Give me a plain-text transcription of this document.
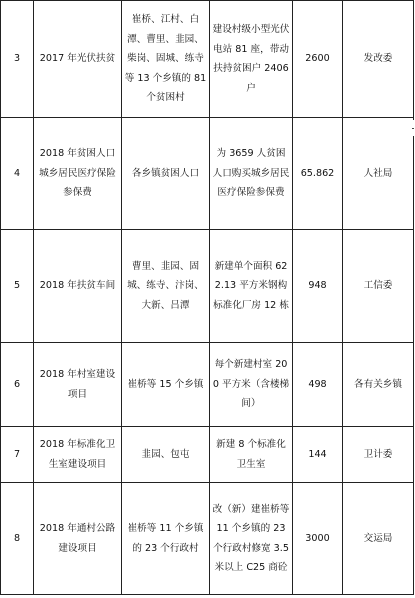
3	2017 年光伏扶贫	崔桥、江村、白潭、曹里、韭园、柴岗、固城、练寺等 13 个乡镇的 81 个贫困村	建设村级小型光伏电站 81 座，带动扶持贫困户 2406 户	2600	发改委
4	2018 年贫困人口城乡居民医疗保险参保费	各乡镇贫困人口	为 3659 人贫困人口购买城乡居民医疗保险参保费	65.862	人社局
5	2018 年扶贫车间	曹里、韭园、固城、练寺、汴岗、大新、吕潭	新建单个面积 622.13 平方米钢构标准化厂房 12 栋	948	工信委
6	2018 年村室建设项目	崔桥等 15 个乡镇	每个新建村室 200 平方米（含楼梯间）	498	各有关乡镇
7	2018 年标准化卫生室建设项目	韭园、包屯	新建 8 个标准化卫生室	144	卫计委
8	2018 年通村公路建设项目	崔桥等 11 个乡镇的 23 个行政村	改（新）建崔桥等 11 个乡镇的 23 个行政村修宽 3.5 米以上 C25 商砼	3000	交运局
